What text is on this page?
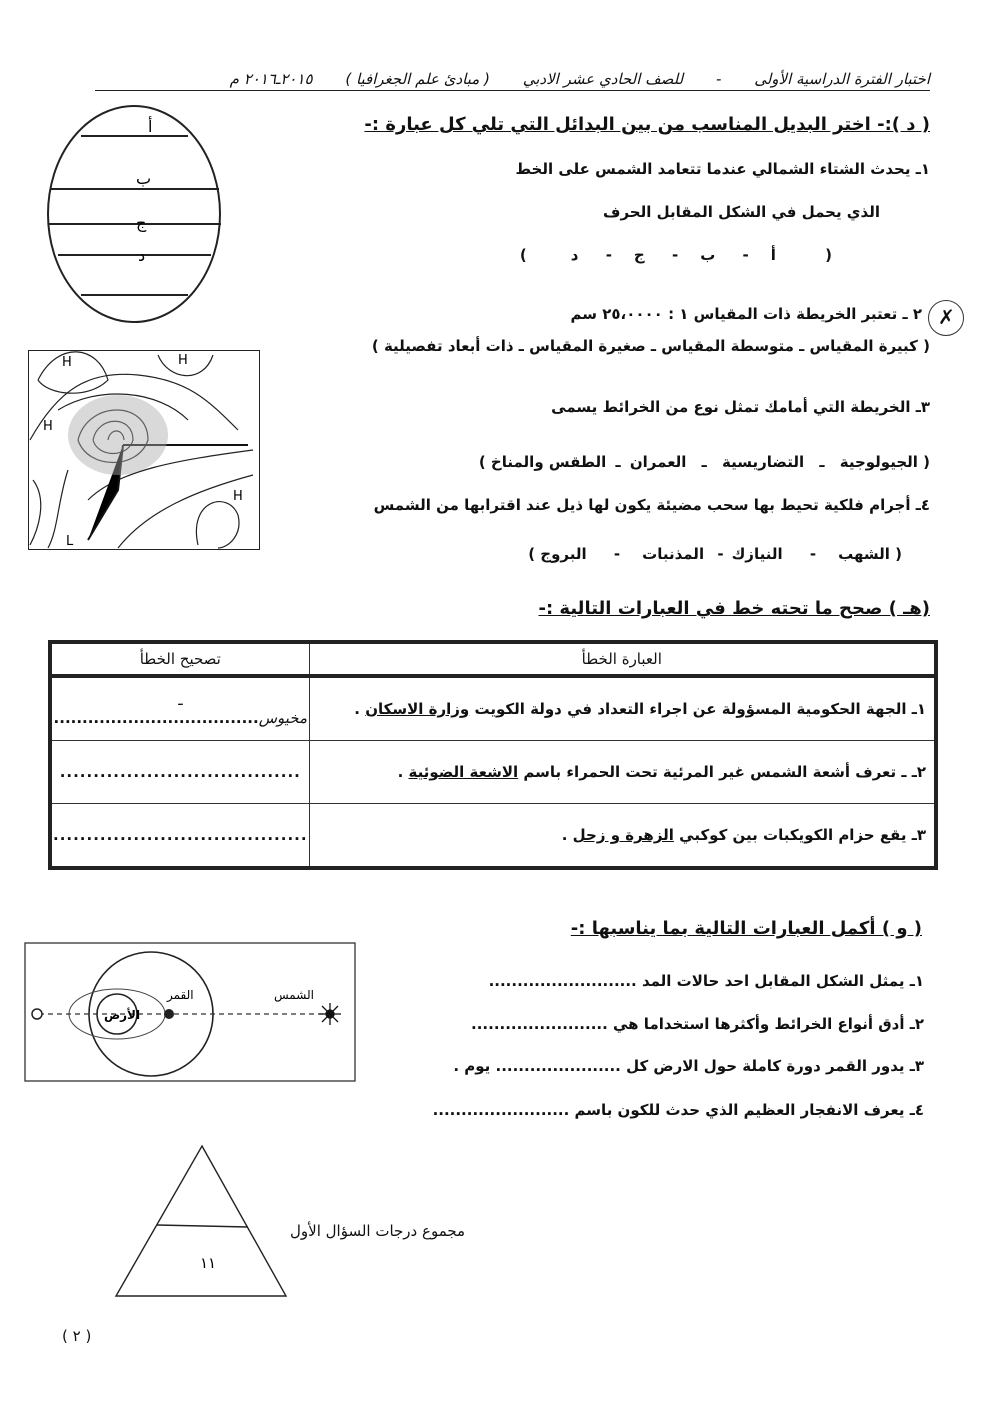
اختبار الفترة الدراسية الأولى - للصف الحادي عشر الادبي ( مبادئ علم الجغرافيا ) ٢٠١٥ـ٢٠١٦ م
( د ):- اختر البديل المناسب من بين البدائل التي تلي كل عبارة :-
أ
ب
ج
د
١ـ يحدث الشتاء الشمالي عندما تتعامد الشمس على الخط
الذي يحمل في الشكل المقابل الحرف
( أ- ب- ج- د)
✗
٢ ـ تعتبر الخريطة ذات المقياس ١ : ٢٥،٠٠٠٠ سم
( كبيرة المقياس ـ متوسطة المقياس ـ صغيرة المقياس ـ ذات أبعاد تفصيلية )
H	H
H
H
L
٣ـ الخريطة التي أمامك تمثل نوع من الخرائط يسمى
( الجيولوجية ـ التضاريسية ـ العمران ـ الطقس والمناخ )
٤ـ أجرام فلكية تحيط بها سحب مضيئة يكون لها ذيل عند اقترابها من الشمس
( الشهب- النيازك- المذنبات- البروج )
(هـ ) صحح ما تحته خط في العبارات التالية :-
العبارة الخطأ	تصحيح الخطأ
١ـ الجهة الحكومية المسؤولة عن اجراء التعداد في دولة الكويت وزارة الاسكان .	ـ مخيوس....................................
٢ـ ـ تعرف أشعة الشمس غير المرئية تحت الحمراء باسم الاشعة الضوئية .	....................................
٣ـ يقع حزام الكويكبات بين كوكبي الزهرة و زحل .	......................................
( و ) أكمل العبارات التالية بما يناسبها :-
الأرض
القمر	الشمس
١ـ يمثل الشكل المقابل احد حالات المد ..........................
٢ـ أدق أنواع الخرائط وأكثرها استخداما هي ........................
٣ـ يدور القمر دورة كاملة حول الارض كل ...................... يوم .
٤ـ يعرف الانفجار العظيم الذي حدث للكون باسم ........................
١١
مجموع درجات السؤال الأول
( ٢ )
